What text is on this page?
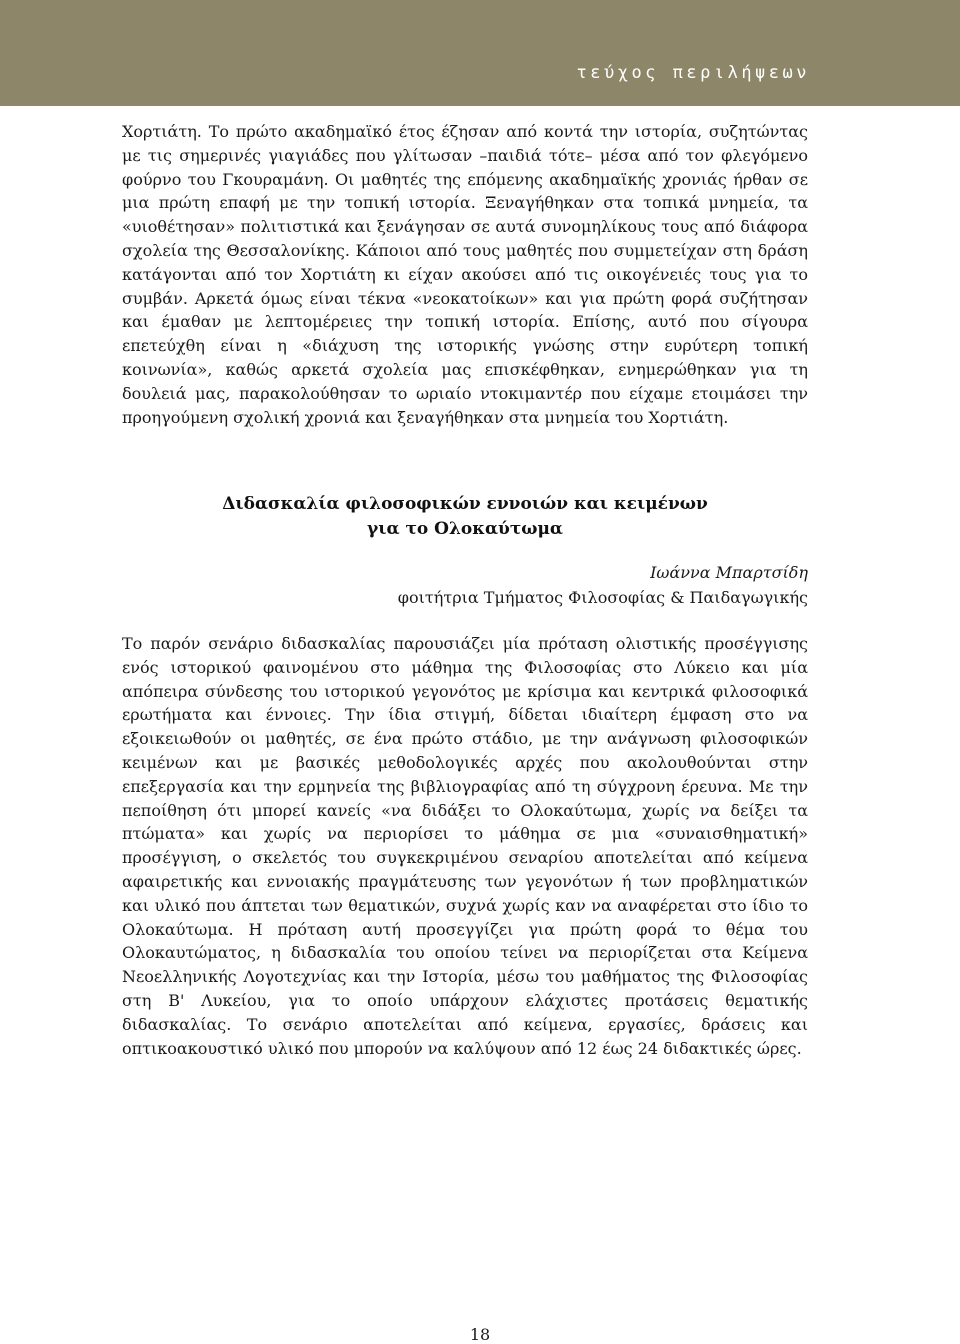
τεύχος περιλήψεων

Χορτιάτη. Το πρώτο ακαδημαϊκό έτος έζησαν από κοντά την ιστορία, συζητώντας με τις σημερινές γιαγιάδες που γλίτωσαν –παιδιά τότε– μέσα από τον φλεγόμενο φούρνο του Γκουραμάνη. Οι μαθητές της επόμενης ακαδημαϊκής χρονιάς ήρθαν σε μια πρώτη επαφή με την τοπική ιστορία. Ξεναγήθηκαν στα τοπικά μνημεία, τα «υιοθέτησαν» πολιτιστικά και ξενάγησαν σε αυτά συνομηλίκους τους από διάφορα σχολεία της Θεσσαλονίκης. Κάποιοι από τους μαθητές που συμμετείχαν στη δράση κατάγονται από τον Χορτιάτη κι είχαν ακούσει από τις οικογένειές τους για το συμβάν. Αρκετά όμως είναι τέκνα «νεοκατοίκων» και για πρώτη φορά συζήτησαν και έμαθαν με λεπτομέρειες την τοπική ιστορία. Επίσης, αυτό που σίγουρα επετεύχθη είναι η «διάχυση της ιστορικής γνώσης στην ευρύτερη τοπική κοινωνία», καθώς αρκετά σχολεία μας επισκέφθηκαν, ενημερώθηκαν για τη δουλειά μας, παρακολούθησαν το ωριαίο ντοκιμαντέρ που είχαμε ετοιμάσει την προηγούμενη σχολική χρονιά και ξεναγήθηκαν στα μνημεία του Χορτιάτη.

Διδασκαλία φιλοσοφικών εννοιών και κειμένων
για το Ολοκαύτωμα
Ιωάννα Μπαρτσίδη
φοιτήτρια Τμήματος Φιλοσοφίας & Παιδαγωγικής

Το παρόν σενάριο διδασκαλίας παρουσιάζει μία πρόταση ολιστικής προσέγγισης ενός ιστορικού φαινομένου στο μάθημα της Φιλοσοφίας στο Λύκειο και μία απόπειρα σύνδεσης του ιστορικού γεγονότος με κρίσιμα και κεντρικά φιλοσοφικά ερωτήματα και έννοιες. Την ίδια στιγμή, δίδεται ιδιαίτερη έμφαση στο να εξοικειωθούν οι μαθητές, σε ένα πρώτο στάδιο, με την ανάγνωση φιλοσοφικών κειμένων και με βασικές μεθοδολογικές αρχές που ακολουθούνται στην επεξεργασία και την ερμηνεία της βιβλιογραφίας από τη σύγχρονη έρευνα. Με την πεποίθηση ότι μπορεί κανείς «να διδάξει το Ολοκαύτωμα, χωρίς να δείξει τα πτώματα» και χωρίς να περιορίσει το μάθημα σε μια «συναισθηματική» προσέγγιση, ο σκελετός του συγκεκριμένου σεναρίου αποτελείται από κείμενα αφαιρετικής και εννοιακής πραγμάτευσης των γεγονότων ή των προβληματικών και υλικό που άπτεται των θεματικών, συχνά χωρίς καν να αναφέρεται στο ίδιο το Ολοκαύτωμα. Η πρόταση αυτή προσεγγίζει για πρώτη φορά το θέμα του Ολοκαυτώματος, η διδασκαλία του οποίου τείνει να περιορίζεται στα Κείμενα Νεοελληνικής Λογοτεχνίας και την Ιστορία, μέσω του μαθήματος της Φιλοσοφίας στη Β' Λυκείου, για το οποίο υπάρχουν ελάχιστες προτάσεις θεματικής διδασκαλίας. Το σενάριο αποτελείται από κείμενα, εργασίες, δράσεις και οπτικοακουστικό υλικό που μπορούν να καλύψουν από 12 έως 24 διδακτικές ώρες.

18
